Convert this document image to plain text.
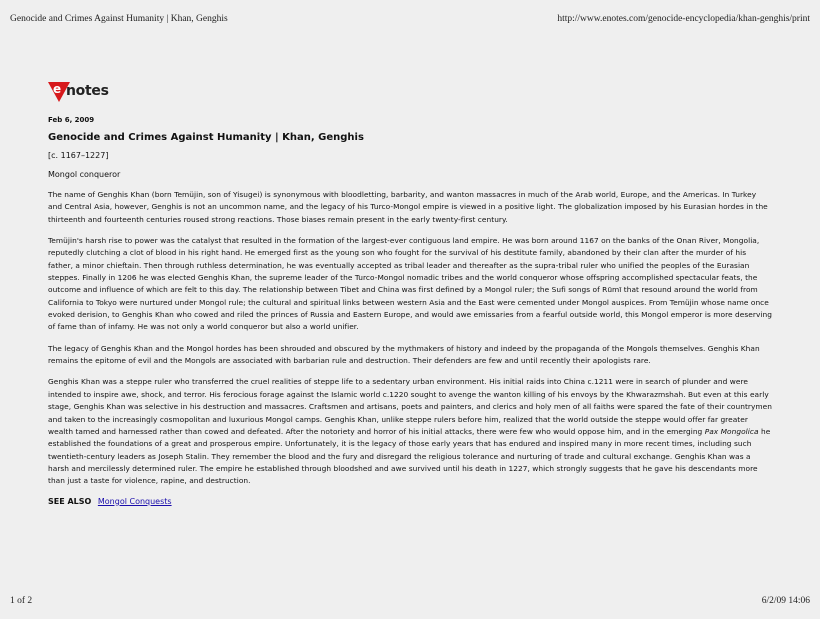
Genocide and Crimes Against Humanity | Khan, Genghis	http://www.enotes.com/genocide-encyclopedia/khan-genghis/print
e notes
Feb 6, 2009
Genocide and Crimes Against Humanity | Khan, Genghis
[c. 1167–1227]
Mongol conqueror

The name of Genghis Khan (born Temüjin, son of Yisugei) is synonymous with bloodletting, barbarity, and wanton massacres in much of the Arab world, Europe, and the Americas. In Turkey and Central Asia, however, Genghis is not an uncommon name, and the legacy of his Turco-Mongol empire is viewed in a positive light. The globalization imposed by his Eurasian hordes in the thirteenth and fourteenth centuries roused strong reactions. Those biases remain present in the early twenty-first century.

Temüjin's harsh rise to power was the catalyst that resulted in the formation of the largest-ever contiguous land empire. He was born around 1167 on the banks of the Onan River, Mongolia, reputedly clutching a clot of blood in his right hand. He emerged first as the young son who fought for the survival of his destitute family, abandoned by their clan after the murder of his father, a minor chieftain. Then through ruthless determination, he was eventually accepted as tribal leader and thereafter as the supra-tribal ruler who unified the peoples of the Eurasian steppes. Finally in 1206 he was elected Genghis Khan, the supreme leader of the Turco-Mongol nomadic tribes and the world conqueror whose offspring accomplished spectacular feats, the outcome and influence of which are felt to this day. The relationship between Tibet and China was first defined by a Mongol ruler; the Sufi songs of Rūmī that resound around the world from California to Tokyo were nurtured under Mongol rule; the cultural and spiritual links between western Asia and the East were cemented under Mongol auspices. From Temüjin whose name once evoked derision, to Genghis Khan who cowed and riled the princes of Russia and Eastern Europe, and would awe emissaries from a fearful outside world, this Mongol emperor is more deserving of fame than of infamy. He was not only a world conqueror but also a world unifier.

The legacy of Genghis Khan and the Mongol hordes has been shrouded and obscured by the mythmakers of history and indeed by the propaganda of the Mongols themselves. Genghis Khan remains the epitome of evil and the Mongols are associated with barbarian rule and destruction. Their defenders are few and until recently their apologists rare.

Genghis Khan was a steppe ruler who transferred the cruel realities of steppe life to a sedentary urban environment. His initial raids into China c.1211 were in search of plunder and were intended to inspire awe, shock, and terror. His ferocious forage against the Islamic world c.1220 sought to avenge the wanton killing of his envoys by the Khwarazmshah. But even at this early stage, Genghis Khan was selective in his destruction and massacres. Craftsmen and artisans, poets and painters, and clerics and holy men of all faiths were spared the fate of their countrymen and taken to the increasingly cosmopolitan and luxurious Mongol camps. Genghis Khan, unlike steppe rulers before him, realized that the world outside the steppe would offer far greater wealth tamed and harnessed rather than cowed and defeated. After the notoriety and horror of his initial attacks, there were few who would oppose him, and in the emerging Pax Mongolica he established the foundations of a great and prosperous empire. Unfortunately, it is the legacy of those early years that has endured and inspired many in more recent times, including such twentieth-century leaders as Joseph Stalin. They remember the blood and the fury and disregard the religious tolerance and nurturing of trade and cultural exchange. Genghis Khan was a harsh and mercilessly determined ruler. The empire he established through bloodshed and awe survived until his death in 1227, which strongly suggests that he gave his descendants more than just a taste for violence, rapine, and destruction.

SEE ALSO Mongol Conquests
1 of 2	6/2/09 14:06
